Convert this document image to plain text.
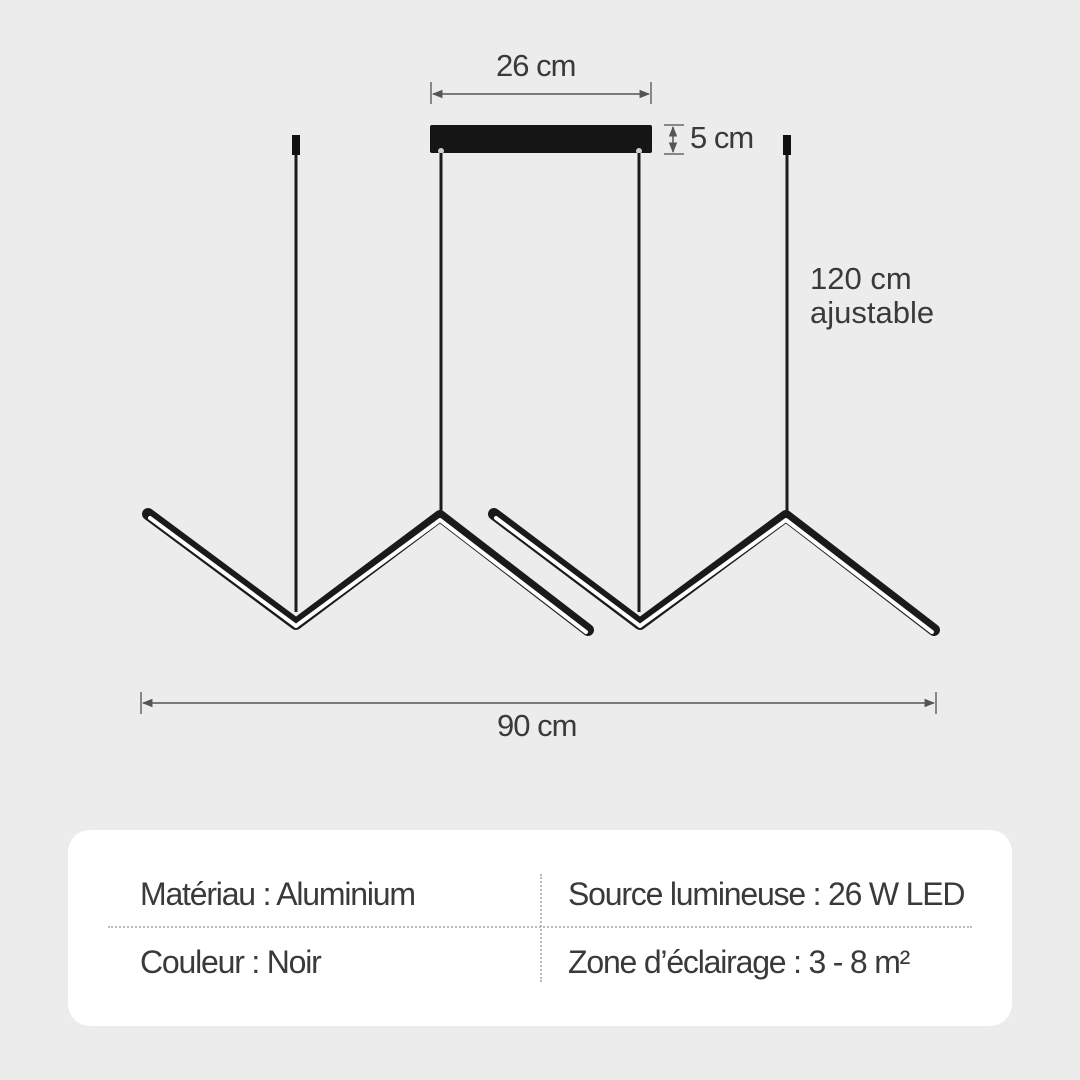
26 cm
5 cm
120 cm
ajustable
90 cm
Matériau : Aluminium	Source lumineuse : 26 W LED
Couleur : Noir	Zone d’éclairage : 3 - 8 m²
